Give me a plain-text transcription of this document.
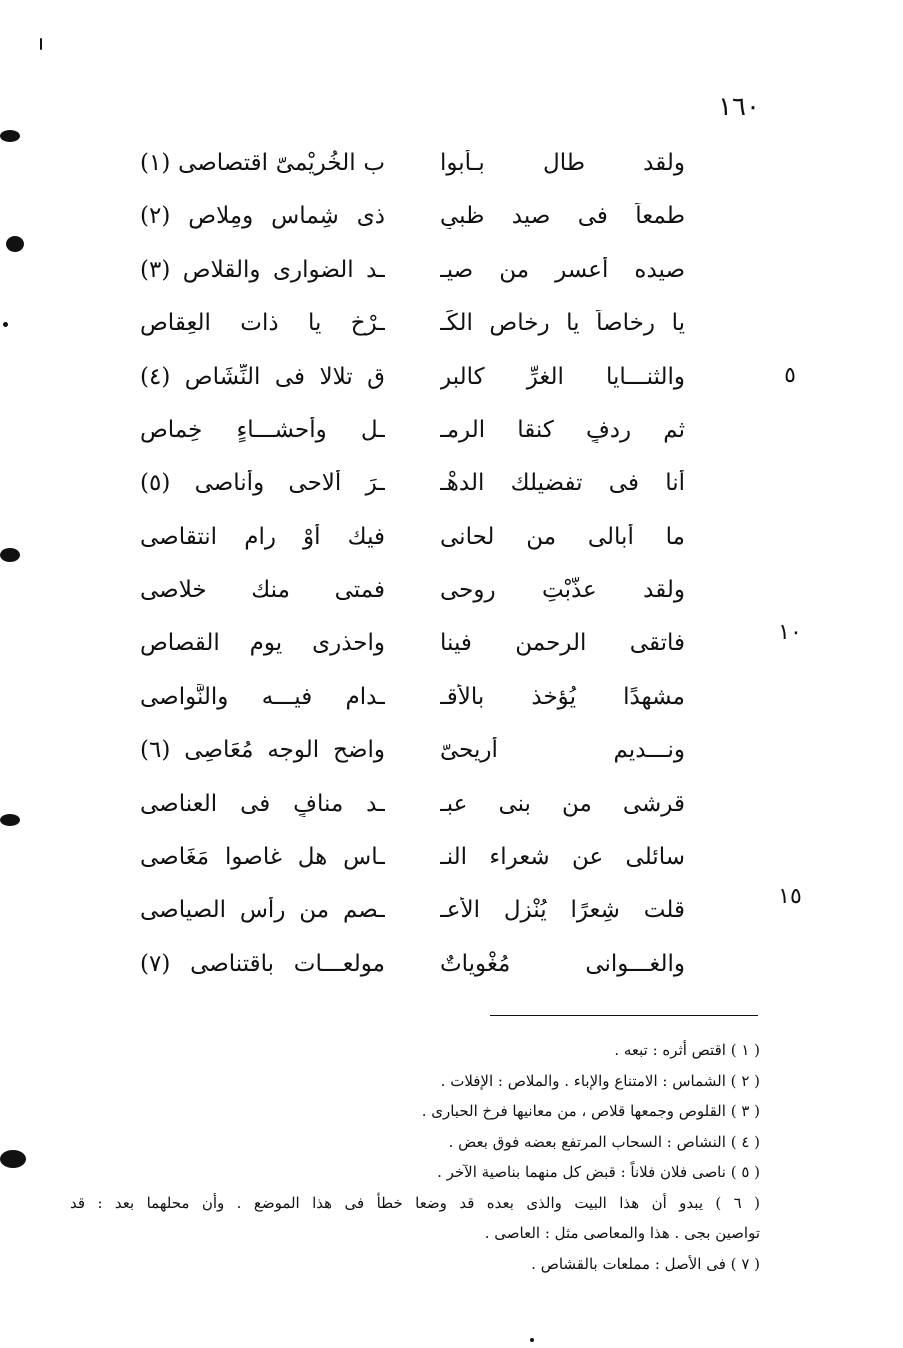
١٦٠
ولقد طال بـأبوا
ب الخُريْمىّ اقتصاصى (١)
طمعاً فى صيد ظبىٍ
ذى شِماس ومِلاص (٢)
صيده أعسر من صيـ
ـد الضوارى والقلاص (٣)
يا رخاصاً يا رخاص الكَـ
ـرْخ يا ذات العِقاص
والثنـــايا الغرِّ كالبر
ق تلالا فى النِّشَاص (٤)
ثم ردفٍ كنقا الرمـ
ـل وأحشـــاءٍ خِماص
أنا فى تفضيلك الدهْـ
ـرَ ألاحى وأناصى (٥)
ما أبالى من لحانى
فيك أوْ رام انتقاصى
ولقد عذَّبْتِ روحى
فمتى منك خلاصى
فاتقى الرحمن فينا
واحذرى يوم القصاص
مشهدًا يُؤخذ بالأقـ
ـدام فيـــه والنَّواصى
ونـــديم أريحىّ
واضح الوجه مُعَاصِى (٦)
قرشى من بنى عبـ
ـد منافٍ فى العناصى
سائلى عن شعراء النـ
ـاس هل غاصوا مَغَاصى
قلت شِعرًا يُنْزل الأعـ
ـصم من رأس الصياصى
والغـــوانى مُغْوِياتٌ
مولعـــات باقتناصى (٧)
٥
١٠
١٥
( ١ ) اقتص أثره : تبعه .
( ٢ ) الشماس : الامتناع والإباء . والملاص : الإفلات .
( ٣ ) القلوص وجمعها قلاص ، من معانيها فرخ الحبارى .
( ٤ ) النشاص : السحاب المرتفع بعضه فوق بعض .
( ٥ ) ناصى فلان فلاناً : قبض كل منهما بناصية الآخر .
( ٦ ) يبدو أن هذا البيت والذى بعده قد وضعا خطأ فى هذا الموضع . وأن محلهما بعد : قد
تواصين بجى . هذا والمعاصى مثل : العاصى .
( ٧ ) فى الأصل : مملعات بالقشاص .
